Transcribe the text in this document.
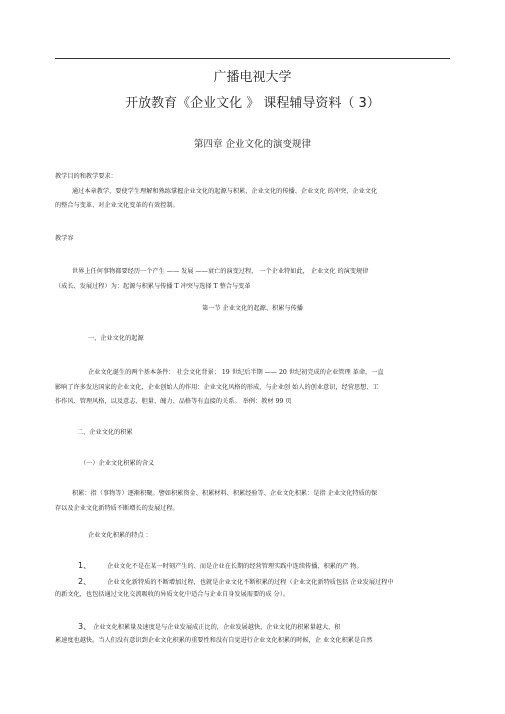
广播电视大学
开放教育《企业文化 》 课程辅导资料（ 3）
第四章 企业文化的演变规律
教学目的和教学要求：
通过本章教学，要使学生理解和熟练掌握企业文化的起源与积累、企业文化的传播、企业文化 的冲突、企业文化
的整合与变革、对企业文化变革的有效控制。
教学容
世界上任何事物都要经历一个产生 —— 发展 ——衰亡的演变过程， 一个企业特如此， 企业文化 的演变规律
（成长、发展过程）为：起源与积累与传播 T 冲突与选择 T 整合与变革
第一节 企业文化的起源、积累与传播
一、企业文化的起源
企业文化诞生的两个基本条件： 社会文化背景； 19 世纪后半期 —— 20 世纪初完成的企业管理 革命，一直
影响了许多发达国家的企业文化，企业创始人的作用：企业文化风格的形成，与企业创 始人的创业意识，经营思想、工
作作风、管理风格，以及意志、胆量、魄力、品格等有直接的关系。 举例：教材 99 页
二、企业文化的积累
（一）企业文化积累的含义
积累：指（事物等）逐渐积聚。譬如积累资金、积累材料、积累经验等、企业文化积累：是指 企业文化特质的保
存以及企业文化新特质不断增长的发展过程。
企业文化积累的特点 ：
1、	企业文化不是在某一时刻产生的、而是企业在长期的经营管理实践中连续传播、积累的产 物。
2、	企业文化新特质的不断增加过程，也就是企业文化不断积累的过程（企业文化新特质包括 企业发展过程中
的新文化，也包括通过文化交流吸收的异质文化中适合与企业自身发展需要的成 分）。
3、 企业文化积累量及速度是与企业发展成正比的，企业发展越快，企业文化的积累量越大，积
累速度也越快。当人们没有意识到企业文化积累的重要性和没有自觉进行企业文化积累的时候，企 业文化积累是自然
